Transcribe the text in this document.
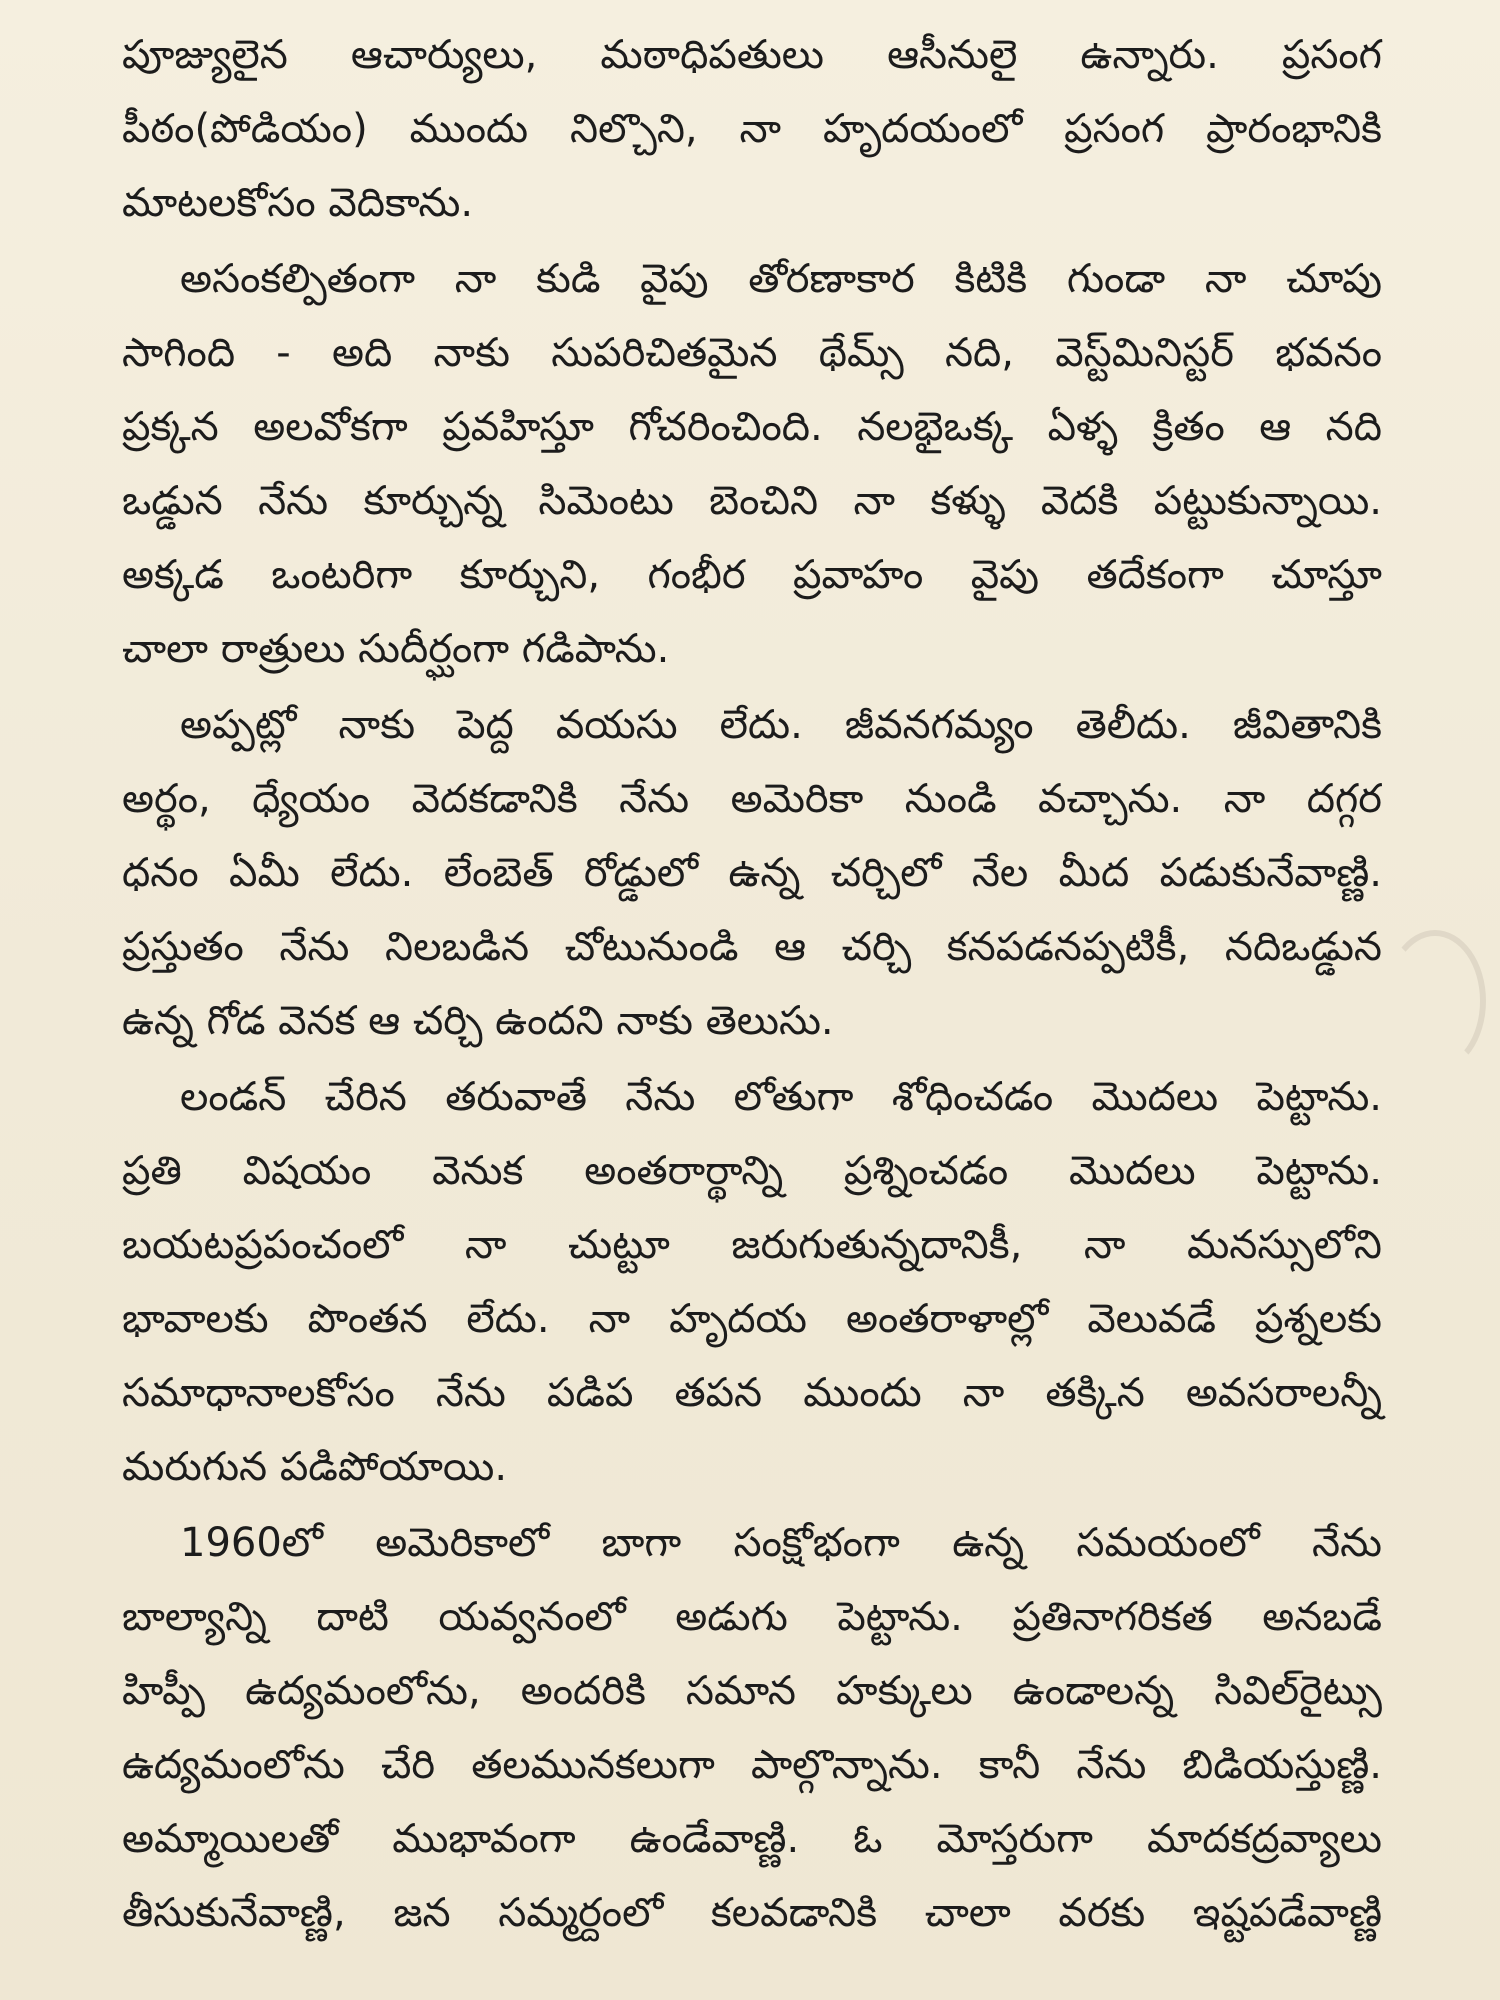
పూజ్యులైన ఆచార్యులు, మఠాధిపతులు ఆసీనులై ఉన్నారు. ప్రసంగ
పీఠం(పోడియం) ముందు నిల్చొని, నా హృదయంలో ప్రసంగ ప్రారంభానికి
మాటలకోసం వెదికాను.
అసంకల్పితంగా నా కుడి వైపు తోరణాకార కిటికి గుండా నా చూపు
సాగింది - అది నాకు సుపరిచితమైన థేమ్స్ నది, వెస్ట్‌మినిస్టర్ భవనం
ప్రక్కన అలవోకగా ప్రవహిస్తూ గోచరించింది. నలభైఒక్క ఏళ్ళ క్రితం ఆ నది
ఒడ్డున నేను కూర్చున్న సిమెంటు బెంచిని నా కళ్ళు వెదకి పట్టుకున్నాయి.
అక్కడ ఒంటరిగా కూర్చుని, గంభీర ప్రవాహం వైపు తదేకంగా చూస్తూ
చాలా రాత్రులు సుదీర్ఘంగా గడిపాను.
అప్పట్లో నాకు పెద్ద వయసు లేదు. జీవనగమ్యం తెలీదు. జీవితానికి
అర్థం, ధ్యేయం వెదకడానికి నేను అమెరికా నుండి వచ్చాను. నా దగ్గర
ధనం ఏమీ లేదు. లేంబెత్ రోడ్డులో ఉన్న చర్చిలో నేల మీద పడుకునేవాణ్ణి.
ప్రస్తుతం నేను నిలబడిన చోటునుండి ఆ చర్చి కనపడనప్పటికీ, నదిఒడ్డున
ఉన్న గోడ వెనక ఆ చర్చి ఉందని నాకు తెలుసు.
లండన్ చేరిన తరువాతే నేను లోతుగా శోధించడం మొదలు పెట్టాను.
ప్రతి విషయం వెనుక అంతరార్థాన్ని ప్రశ్నించడం మొదలు పెట్టాను.
బయటప్రపంచంలో నా చుట్టూ జరుగుతున్నదానికీ, నా మనస్సులోని
భావాలకు పొంతన లేదు. నా హృదయ అంతరాళాల్లో వెలువడే ప్రశ్నలకు
సమాధానాలకోసం నేను పడిప తపన ముందు నా తక్కిన అవసరాలన్నీ
మరుగున పడిపోయాయి.
1960లో అమెరికాలో బాగా సంక్షోభంగా ఉన్న సమయంలో నేను
బాల్యాన్ని దాటి యవ్వనంలో అడుగు పెట్టాను. ప్రతినాగరికత అనబడే
హిప్పీ ఉద్యమంలోను, అందరికి సమాన హక్కులు ఉండాలన్న సివిల్‌రైట్సు
ఉద్యమంలోను చేరి తలమునకలుగా పాల్గొన్నాను. కానీ నేను బిడియస్తుణ్ణి.
అమ్మాయిలతో ముభావంగా ఉండేవాణ్ణి. ఓ మోస్తరుగా మాదకద్రవ్యాలు
తీసుకునేవాణ్ణి, జన సమ్మర్దంలో కలవడానికి చాలా వరకు ఇష్టపడేవాణ్ణి
